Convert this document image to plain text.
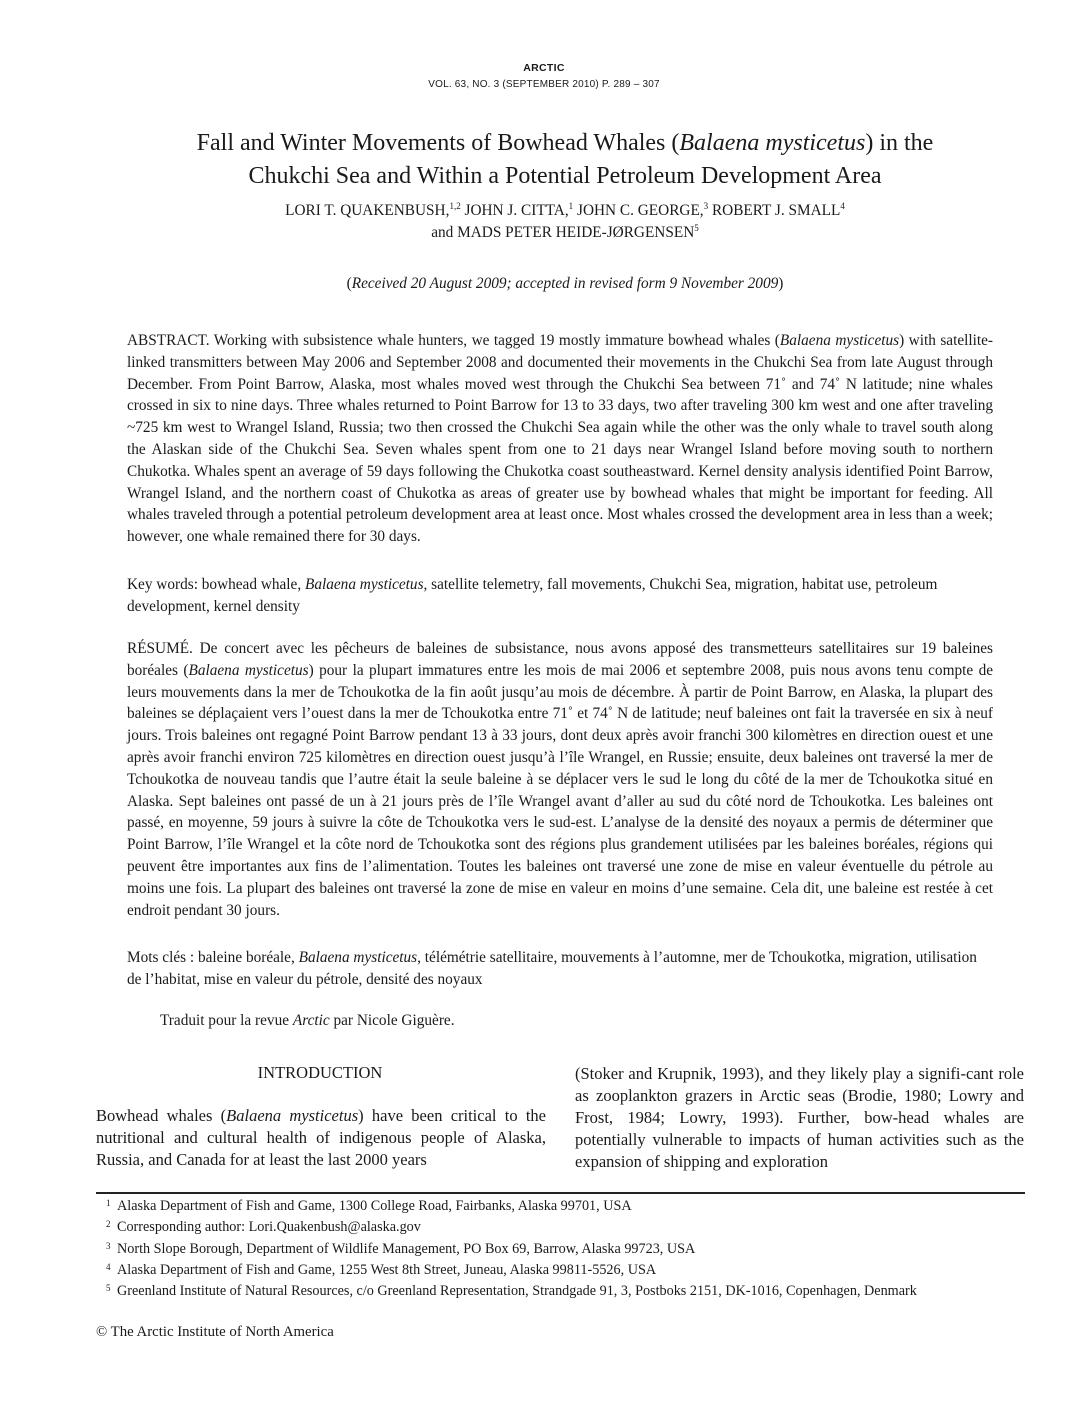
ARCTIC
VOL. 63, NO. 3 (SEPTEMBER 2010) P. 289 – 307
Fall and Winter Movements of Bowhead Whales (Balaena mysticetus) in the
Chukchi Sea and Within a Potential Petroleum Development Area
LORI T. QUAKENBUSH,$^{1,2}$ JOHN J. CITTA,$^1$ JOHN C. GEORGE,$^3$ ROBERT J. SMALL$^4$
and MADS PETER HEIDE-JØRGENSEN$^5$
(Received 20 August 2009; accepted in revised form 9 November 2009)
ABSTRACT. Working with subsistence whale hunters, we tagged 19 mostly immature bowhead whales (Balaena mysticetus) with satellite-linked transmitters between May 2006 and September 2008 and documented their movements in the Chukchi Sea from late August through December. From Point Barrow, Alaska, most whales moved west through the Chukchi Sea between 71˚ and 74˚ N latitude; nine whales crossed in six to nine days. Three whales returned to Point Barrow for 13 to 33 days, two after traveling 300 km west and one after traveling ~725 km west to Wrangel Island, Russia; two then crossed the Chukchi Sea again while the other was the only whale to travel south along the Alaskan side of the Chukchi Sea. Seven whales spent from one to 21 days near Wrangel Island before moving south to northern Chukotka. Whales spent an average of 59 days following the Chukotka coast southeastward. Kernel density analysis identified Point Barrow, Wrangel Island, and the northern coast of Chukotka as areas of greater use by bowhead whales that might be important for feeding. All whales traveled through a potential petroleum development area at least once. Most whales crossed the development area in less than a week; however, one whale remained there for 30 days.
Key words: bowhead whale, Balaena mysticetus, satellite telemetry, fall movements, Chukchi Sea, migration, habitat use, petroleum development, kernel density
RÉSUMÉ. De concert avec les pêcheurs de baleines de subsistance, nous avons apposé des transmetteurs satellitaires sur 19 baleines boréales (Balaena mysticetus) pour la plupart immatures entre les mois de mai 2006 et septembre 2008, puis nous avons tenu compte de leurs mouvements dans la mer de Tchoukotka de la fin août jusqu’au mois de décembre. À partir de Point Barrow, en Alaska, la plupart des baleines se déplaçaient vers l’ouest dans la mer de Tchoukotka entre 71˚ et 74˚ N de latitude; neuf baleines ont fait la traversée en six à neuf jours. Trois baleines ont regagné Point Barrow pendant 13 à 33 jours, dont deux après avoir franchi 300 kilomètres en direction ouest et une après avoir franchi environ 725 kilomètres en direction ouest jusqu’à l’île Wrangel, en Russie; ensuite, deux baleines ont traversé la mer de Tchoukotka de nouveau tandis que l’autre était la seule baleine à se déplacer vers le sud le long du côté de la mer de Tchoukotka situé en Alaska. Sept baleines ont passé de un à 21 jours près de l’île Wrangel avant d’aller au sud du côté nord de Tchoukotka. Les baleines ont passé, en moyenne, 59 jours à suivre la côte de Tchoukotka vers le sud-est. L’analyse de la densité des noyaux a permis de déterminer que Point Barrow, l’île Wrangel et la côte nord de Tchoukotka sont des régions plus grandement utilisées par les baleines boréales, régions qui peuvent être importantes aux fins de l’alimentation. Toutes les baleines ont traversé une zone de mise en valeur éventuelle du pétrole au moins une fois. La plupart des baleines ont traversé la zone de mise en valeur en moins d’une semaine. Cela dit, une baleine est restée à cet endroit pendant 30 jours.
Mots clés : baleine boréale, Balaena mysticetus, télémétrie satellitaire, mouvements à l’automne, mer de Tchoukotka, migration, utilisation de l’habitat, mise en valeur du pétrole, densité des noyaux
Traduit pour la revue Arctic par Nicole Giguère.
INTRODUCTION
Bowhead whales (Balaena mysticetus) have been critical to the nutritional and cultural health of indigenous people of Alaska, Russia, and Canada for at least the last 2000 years
(Stoker and Krupnik, 1993), and they likely play a signifi-cant role as zooplankton grazers in Arctic seas (Brodie, 1980; Lowry and Frost, 1984; Lowry, 1993). Further, bow-head whales are potentially vulnerable to impacts of human activities such as the expansion of shipping and exploration
1 Alaska Department of Fish and Game, 1300 College Road, Fairbanks, Alaska 99701, USA
2 Corresponding author: Lori.Quakenbush@alaska.gov
3 North Slope Borough, Department of Wildlife Management, PO Box 69, Barrow, Alaska 99723, USA
4 Alaska Department of Fish and Game, 1255 West 8th Street, Juneau, Alaska 99811-5526, USA
5 Greenland Institute of Natural Resources, c/o Greenland Representation, Strandgade 91, 3, Postboks 2151, DK-1016, Copenhagen, Denmark
© The Arctic Institute of North America
